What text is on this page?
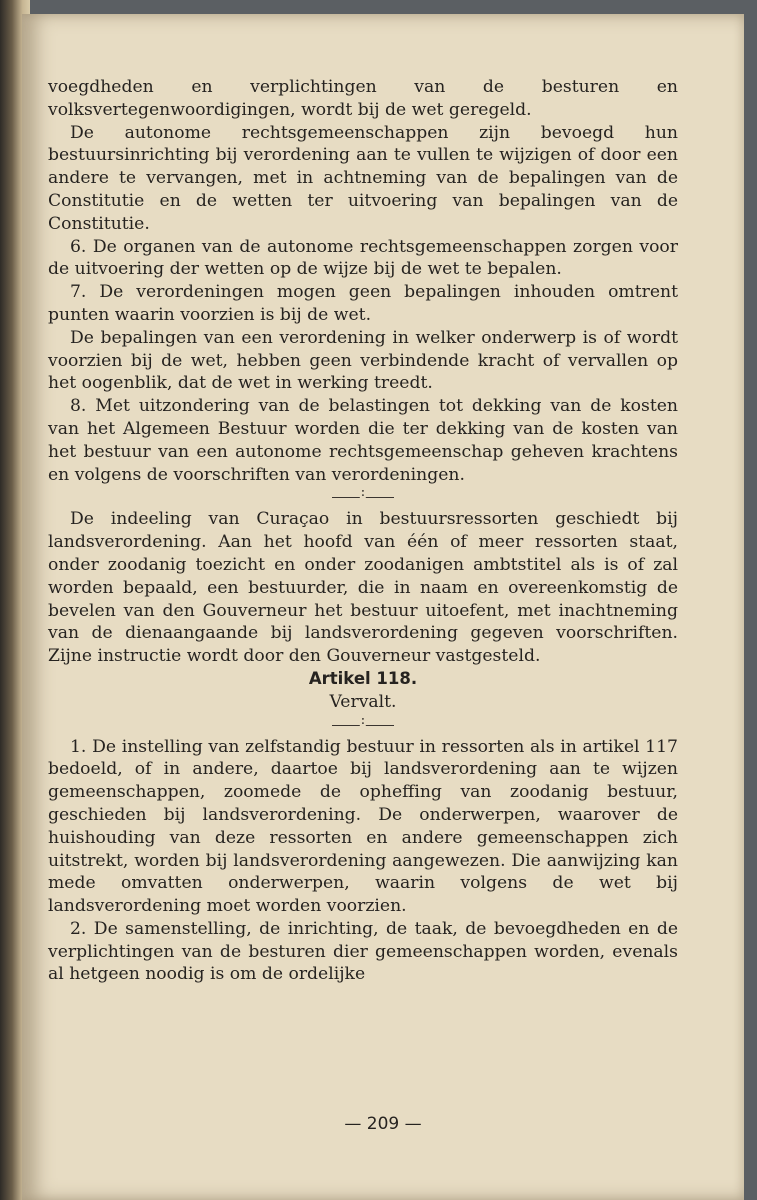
voegdheden en verplichtingen van de besturen en volksvertegenwoordigingen, wordt bij de wet geregeld.

De autonome rechtsgemeenschappen zijn bevoegd hun bestuursinrichting bij verordening aan te vullen te wijzigen of door een andere te vervangen, met in achtneming van de bepalingen van de Constitutie en de wetten ter uitvoering van bepalingen van de Constitutie.

6. De organen van de autonome rechtsgemeenschappen zorgen voor de uitvoering der wetten op de wijze bij de wet te bepalen.

7. De verordeningen mogen geen bepalingen inhouden omtrent punten waarin voorzien is bij de wet.

De bepalingen van een verordening in welker onderwerp is of wordt voorzien bij de wet, hebben geen verbindende kracht of vervallen op het oogenblik, dat de wet in werking treedt.

8. Met uitzondering van de belastingen tot dekking van de kosten van het Algemeen Bestuur worden die ter dekking van de kosten van het bestuur van een autonome rechtsgemeenschap geheven krachtens en volgens de voorschriften van verordeningen.

:

De indeeling van Curaçao in bestuursressorten geschiedt bij landsverordening. Aan het hoofd van één of meer ressorten staat, onder zoodanig toezicht en onder zoodanigen ambtstitel als is of zal worden bepaald, een bestuurder, die in naam en overeenkomstig de bevelen van den Gouverneur het bestuur uitoefent, met inachtneming van de dienaangaande bij landsverordening gegeven voorschriften. Zijne instructie wordt door den Gouverneur vastgesteld.

Artikel 118.

Vervalt.

:

1. De instelling van zelfstandig bestuur in ressorten als in artikel 117 bedoeld, of in andere, daartoe bij landsverordening aan te wijzen gemeenschappen, zoomede de opheffing van zoodanig bestuur, geschieden bij landsverordening. De onderwerpen, waarover de huishouding van deze ressorten en andere gemeenschappen zich uitstrekt, worden bij landsverordening aangewezen. Die aanwijzing kan mede omvatten onderwerpen, waarin volgens de wet bij landsverordening moet worden voorzien.

2. De samenstelling, de inrichting, de taak, de bevoegdheden en de verplichtingen van de besturen dier gemeenschappen worden, evenals al hetgeen noodig is om de ordelijke

— 209 —
